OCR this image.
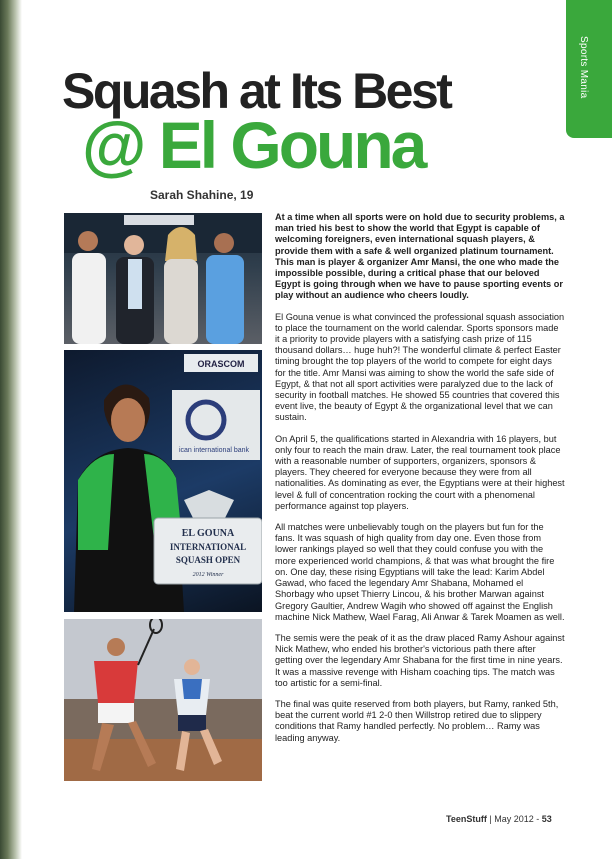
Sports Mania
Squash at Its Best
@ El Gouna
Sarah Shahine, 19
ORASCOM
ican international bank
EL GOUNA
INTERNATIONAL
SQUASH OPEN
2012 Winner

At a time when all sports were on hold due to security problems, a man tried his best to show the world that Egypt is capable of welcoming foreigners, even international squash players, & provide them with a safe & well organized platinum tournament. This man is player & organizer Amr Mansi, the one who made the impossible possible, during a critical phase that our beloved Egypt is going through when we have to pause sporting events or play without an audience who cheers loudly.

El Gouna venue is what convinced the professional squash association to place the tournament on the world calendar. Sports sponsors made it a priority to provide players with a satisfying cash prize of 115 thousand dollars… huge huh?! The wonderful climate & perfect Easter timing brought the top players of the world to compete for eight days for the title. Amr Mansi was aiming to show the world the safe side of Egypt, & that not all sport activities were paralyzed due to the lack of security in football matches. He showed 55 countries that covered this event live, the beauty of Egypt & the organizational level that we can sustain.

On April 5, the qualifications started in Alexandria with 16 players, but only four to reach the main draw. Later, the real tournament took place with a reasonable number of supporters, organizers, sponsors & players. They cheered for everyone because they were from all nationalities. As dominating as ever, the Egyptians were at their highest level & full of concentration rocking the court with a phenomenal performance against top players.

All matches were unbelievably tough on the players but fun for the fans. It was squash of high quality from day one. Even those from lower rankings played so well that they could confuse you with the more experienced world champions, & that was what brought the fire on. One day, these rising Egyptians will take the lead: Karim Abdel Gawad, who faced the legendary Amr Shabana, Mohamed el Shorbagy who upset Thierry Lincou, & his brother Marwan against Gregory Gaultier, Andrew Wagih who showed off against the English machine Nick Mathew, Wael Farag, Ali Anwar & Tarek Moamen as well.

The semis were the peak of it as the draw placed Ramy Ashour against Nick Mathew, who ended his brother's victorious path there after getting over the legendary Amr Shabana for the first time in nine years. It was a massive revenge with Hisham coaching tips. The match was too artistic for a semi-final.

The final was quite reserved from both players, but Ramy, ranked 5th, beat the current world #1 2-0 then Willstrop retired due to slippery conditions that Ramy handled perfectly. No problem… Ramy was leading anyway.

TeenStuff | May 2012 - 53
